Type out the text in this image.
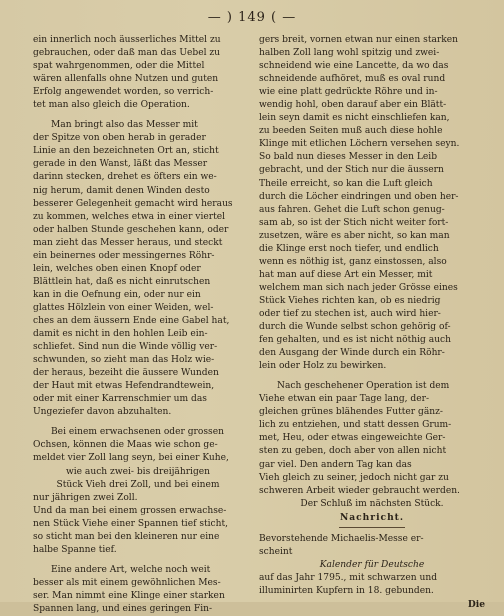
— ) 149 ( —
ein innerlich noch äusserliches Mittel zu
gebrauchen, oder daß man das Uebel zu
spat wahrgenommen, oder die Mittel
wären allenfalls ohne Nutzen und guten
Erfolg angewendet worden, so verrich-
tet man also gleich die Operation.
Man bringt also das Messer mit
der Spitze von oben herab in gerader
Linie an den bezeichneten Ort an, sticht
gerade in den Wanst, läßt das Messer
darinn stecken, drehet es öfters ein we-
nig herum, damit denen Winden desto
besserer Gelegenheit gemacht wird heraus
zu kommen, welches etwa in einer viertel
oder halben Stunde geschehen kann, oder
man zieht das Messer heraus, und steckt
ein beinernes oder messingernes Röhr-
lein, welches oben einen Knopf oder
Blättlein hat, daß es nicht einrutschen
kan in die Oefnung ein, oder nur ein
glattes Hölzlein von einer Weiden, wel-
ches an dem äussern Ende eine Gabel hat,
damit es nicht in den hohlen Leib ein-
schliefet. Sind nun die Winde völlig ver-
schwunden, so zieht man das Holz wie-
der heraus, bezeiht die äussere Wunden
der Haut mit etwas Hefendrandtewein,
oder mit einer Karrenschmier um das
Ungeziefer davon abzuhalten.
Bei einem erwachsenen oder grossen
Ochsen, können die Maas wie schon ge-
meldet vier Zoll lang seyn, bei einer Kuhe,
wie auch zwei- bis dreijährigen
Stück Vieh drei Zoll, und bei einem
nur jährigen zwei Zoll.
Und da man bei einem grossen erwachse-
nen Stück Viehe einer Spannen tief sticht,
so sticht man bei den kleineren nur eine
halbe Spanne tief.
Eine andere Art, welche noch weit
besser als mit einem gewöhnlichen Mes-
ser. Man nimmt eine Klinge einer starken
Spannen lang, und eines geringen Fin-
gers breit, vornen etwan nur einen starken
halben Zoll lang wohl spitzig und zwei-
schneidend wie eine Lancette, da wo das
schneidende aufhöret, muß es oval rund
wie eine platt gedrückte Röhre und in-
wendig hohl, oben darauf aber ein Blätt-
lein seyn damit es nicht einschliefen kan,
zu beeden Seiten muß auch diese hohle
Klinge mit etlichen Löchern versehen seyn.
So bald nun dieses Messer in den Leib
gebracht, und der Stich nur die äussern
Theile erreicht, so kan die Luft gleich
durch die Löcher eindringen und oben her-
aus fahren. Gehet die Luft schon genug-
sam ab, so ist der Stich nicht weiter fort-
zusetzen, wäre es aber nicht, so kan man
die Klinge erst noch tiefer, und endlich
wenn es nöthig ist, ganz einstossen, also
hat man auf diese Art ein Messer, mit
welchem man sich nach jeder Grösse eines
Stück Viehes richten kan, ob es niedrig
oder tief zu stechen ist, auch wird hier-
durch die Wunde selbst schon gehörig of-
fen gehalten, und es ist nicht nöthig auch
den Ausgang der Winde durch ein Röhr-
lein oder Holz zu bewirken.
Nach geschehener Operation ist dem
Viehe etwan ein paar Tage lang, der-
gleichen grünes blähendes Futter gänz-
lich zu entziehen, und statt dessen Grum-
met, Heu, oder etwas eingeweichte Ger-
sten zu geben, doch aber von allen nicht
gar viel. Den andern Tag kan das
Vieh gleich zu seiner, jedoch nicht gar zu
schweren Arbeit wieder gebraucht werden.
Der Schluß im nächsten Stück.
Nachricht.
Bevorstehende Michaelis-Messe er-
scheint
Kalender für Deutsche
auf das Jahr 1795., mit schwarzen und
illuminirten Kupfern in 18. gebunden.
Die
